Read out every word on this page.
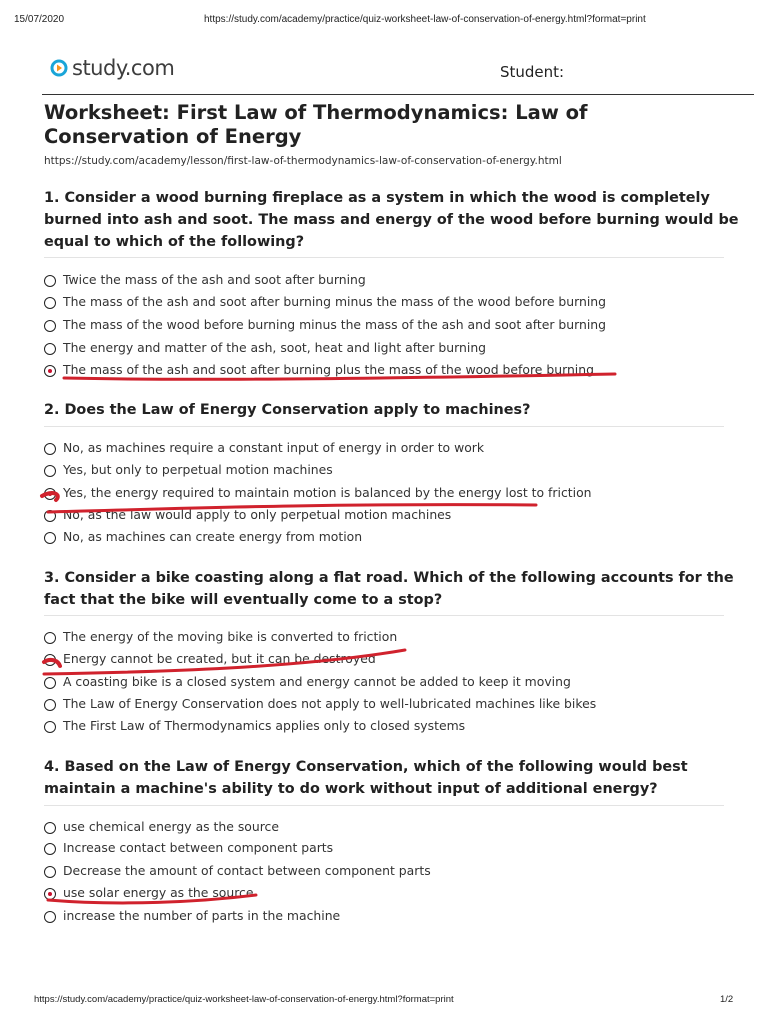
15/07/2020	https://study.com/academy/practice/quiz-worksheet-law-of-conservation-of-energy.html?format=print
study.com	Student:
Worksheet: First Law of Thermodynamics: Law of Conservation of Energy
https://study.com/academy/lesson/first-law-of-thermodynamics-law-of-conservation-of-energy.html
1. Consider a wood burning fireplace as a system in which the wood is completely burned into ash and soot. The mass and energy of the wood before burning would be equal to which of the following?
Twice the mass of the ash and soot after burning
The mass of the ash and soot after burning minus the mass of the wood before burning
The mass of the wood before burning minus the mass of the ash and soot after burning
The energy and matter of the ash, soot, heat and light after burning
The mass of the ash and soot after burning plus the mass of the wood before burning
2. Does the Law of Energy Conservation apply to machines?
No, as machines require a constant input of energy in order to work
Yes, but only to perpetual motion machines
Yes, the energy required to maintain motion is balanced by the energy lost to friction
No, as the law would apply to only perpetual motion machines
No, as machines can create energy from motion
3. Consider a bike coasting along a flat road. Which of the following accounts for the fact that the bike will eventually come to a stop?
The energy of the moving bike is converted to friction
Energy cannot be created, but it can be destroyed
A coasting bike is a closed system and energy cannot be added to keep it moving
The Law of Energy Conservation does not apply to well-lubricated machines like bikes
The First Law of Thermodynamics applies only to closed systems
4. Based on the Law of Energy Conservation, which of the following would best maintain a machine's ability to do work without input of additional energy?
use chemical energy as the source
Increase contact between component parts
Decrease the amount of contact between component parts
use solar energy as the source
increase the number of parts in the machine
https://study.com/academy/practice/quiz-worksheet-law-of-conservation-of-energy.html?format=print	1/2
